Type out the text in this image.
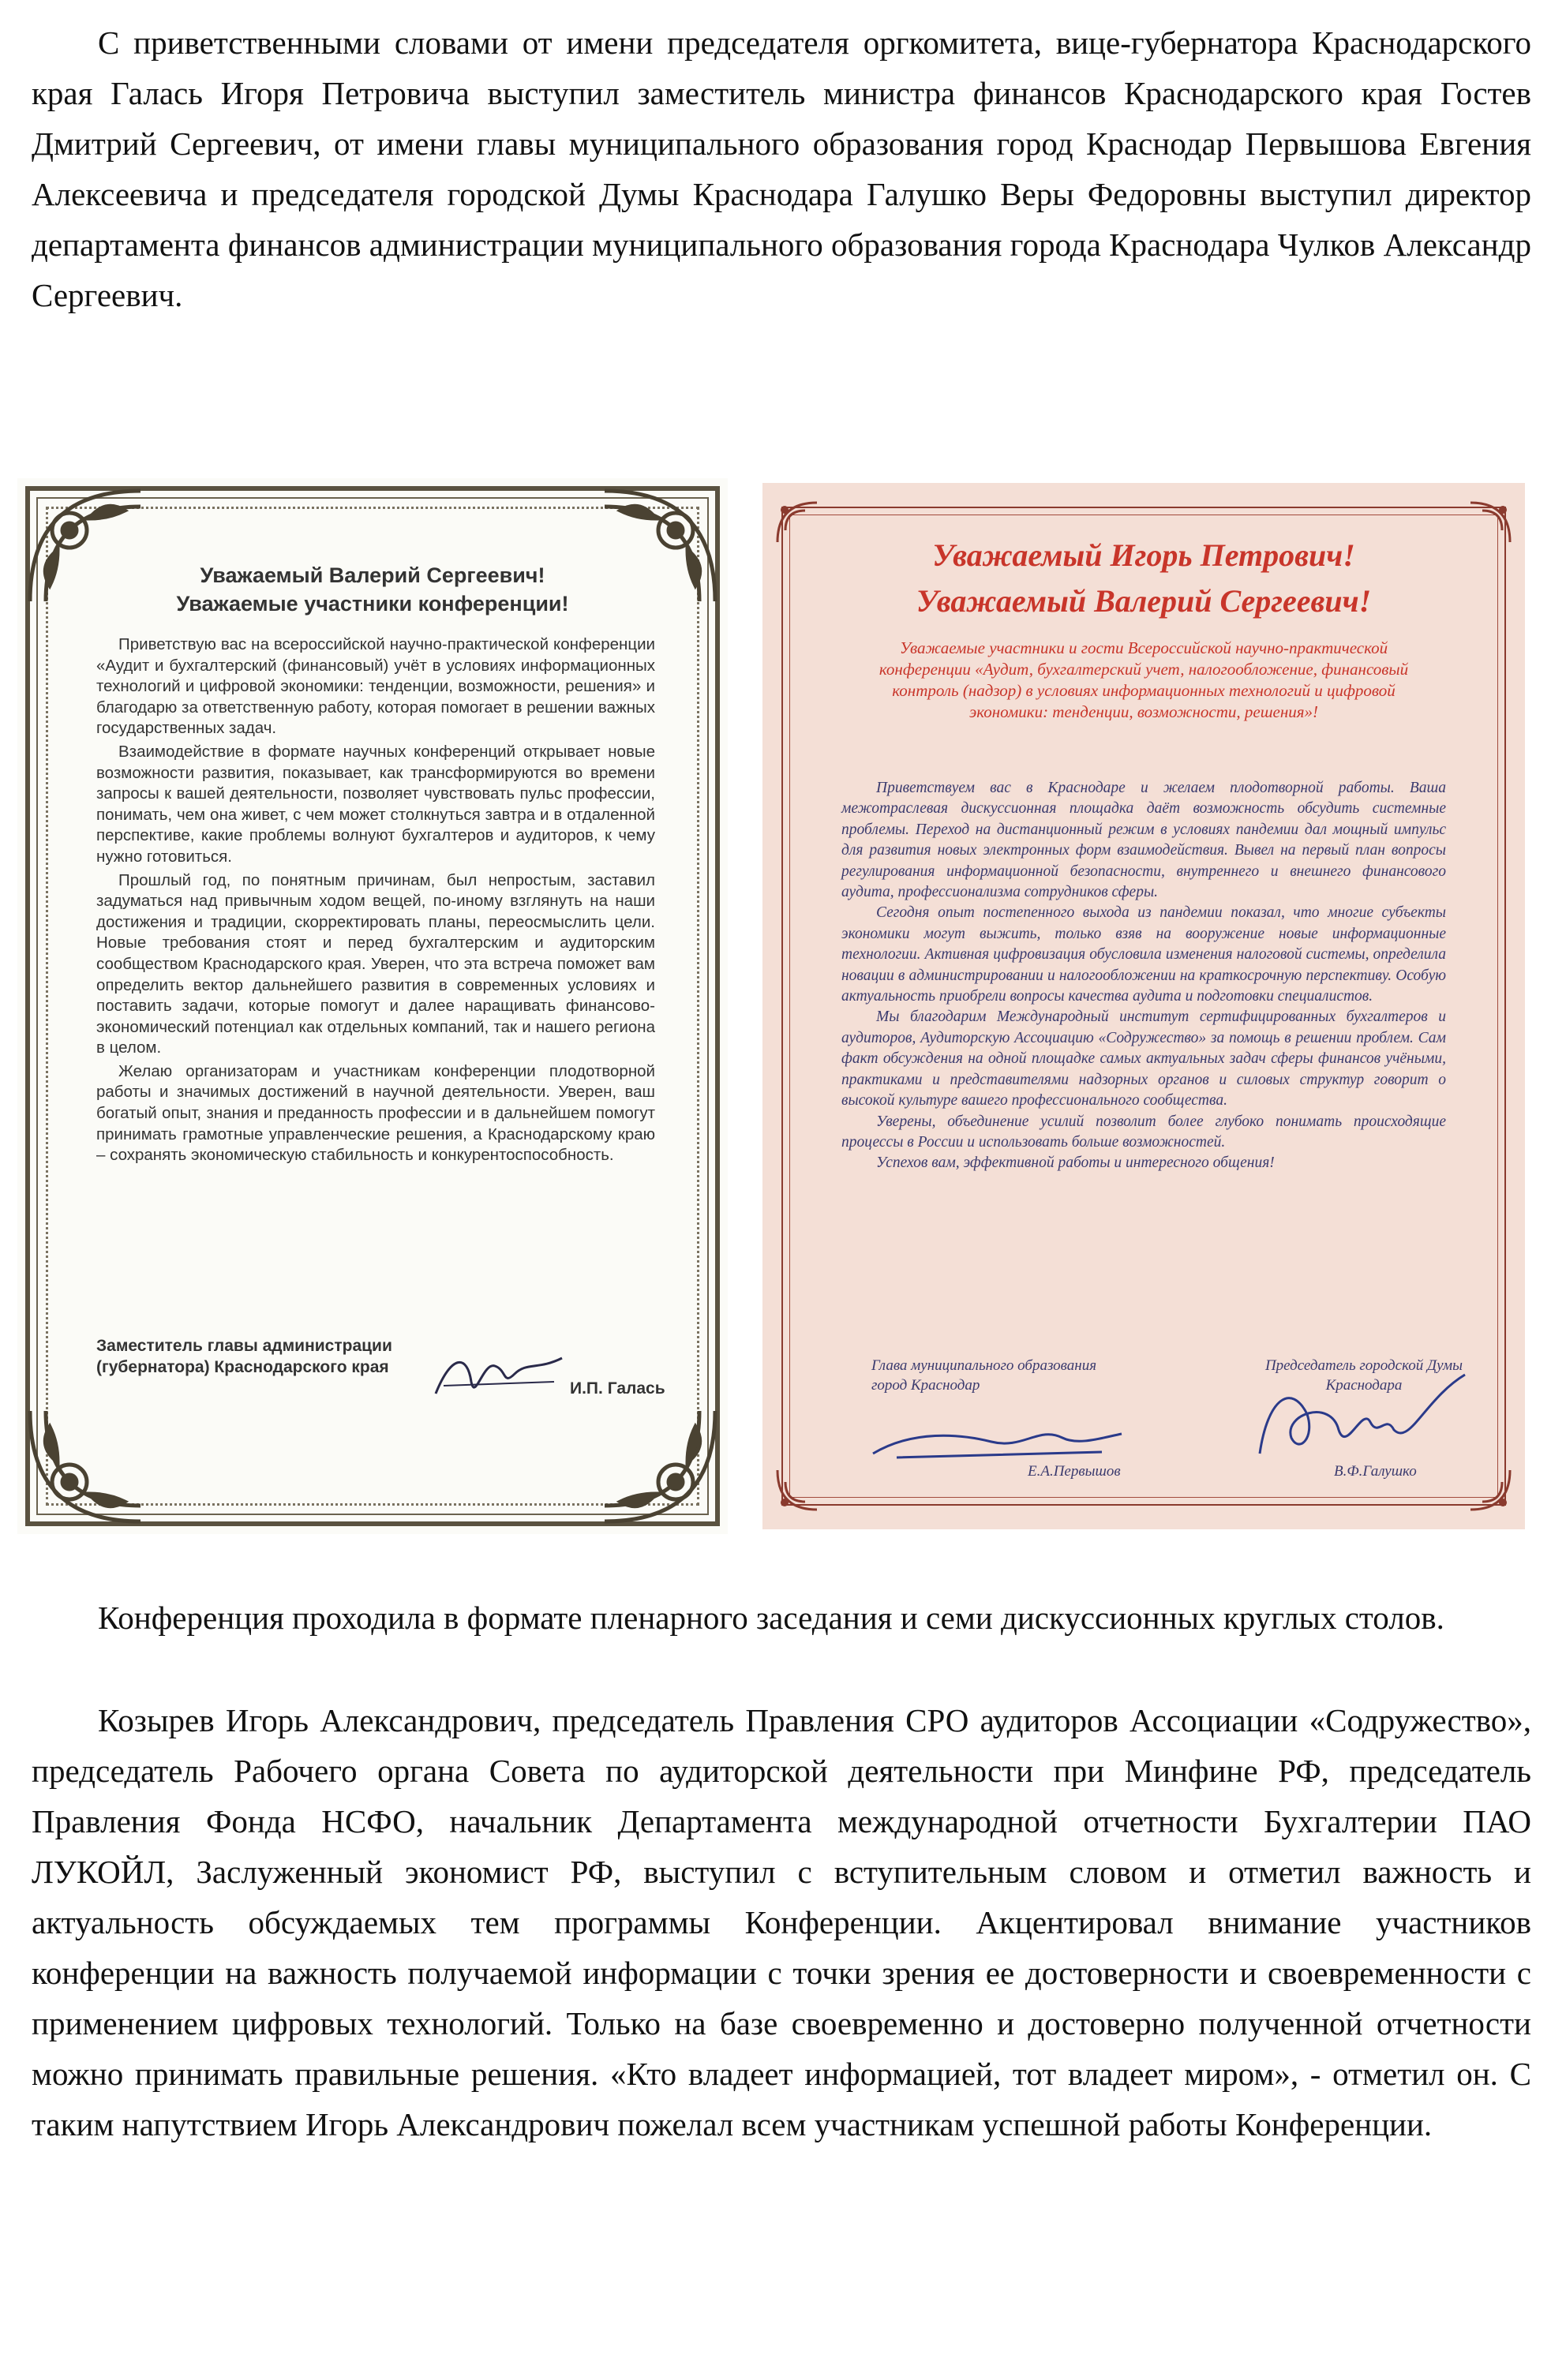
С приветственными словами от имени председателя оргкомитета, вице-губернатора Краснодарского края Галась Игоря Петровича выступил заместитель министра финансов Краснодарского края Гостев Дмитрий Сергеевич, от имени главы муниципального образования город Краснодар Первышова Евгения Алексеевича и председателя городской Думы Краснодара Галушко Веры Федоровны выступил директор департамента финансов администрации муниципального образования города Краснодара Чулков Александр Сергеевич.

Уважаемый Валерий Сергеевич!
Уважаемые участники конференции!

Приветствую вас на всероссийской научно-практической конференции «Аудит и бухгалтерский (финансовый) учёт в условиях информационных технологий и цифровой экономики: тенденции, возможности, решения» и благодарю за ответственную работу, которая помогает в решении важных государственных задач.

Взаимодействие в формате научных конференций открывает новые возможности развития, показывает, как трансформируются во времени запросы к вашей деятельности, позволяет чувствовать пульс профессии, понимать, чем она живет, с чем может столкнуться завтра и в отдаленной перспективе, какие проблемы волнуют бухгалтеров и аудиторов, к чему нужно готовиться.

Прошлый год, по понятным причинам, был непростым, заставил задуматься над привычным ходом вещей, по-иному взглянуть на наши достижения и традиции, скорректировать планы, переосмыслить цели. Новые требования стоят и перед бухгалтерским и аудиторским сообществом Краснодарского края. Уверен, что эта встреча поможет вам определить вектор дальнейшего развития в современных условиях и поставить задачи, которые помогут и далее наращивать финансово-экономический потенциал как отдельных компаний, так и нашего региона в целом.

Желаю организаторам и участникам конференции плодотворной работы и значимых достижений в научной деятельности. Уверен, ваш богатый опыт, знания и преданность профессии и в дальнейшем помогут принимать грамотные управленческие решения, а Краснодарскому краю – сохранять экономическую стабильность и конкурентоспособность.

Заместитель главы администрации (губернатора) Краснодарского края
И.П. Галась
Уважаемый Игорь Петрович!
Уважаемый Валерий Сергеевич!
Уважаемые участники и гости Всероссийской научно-практической конференции «Аудит, бухгалтерский учет, налогообложение, финансовый контроль (надзор) в условиях информационных технологий и цифровой экономики: тенденции, возможности, решения»!

Приветствуем вас в Краснодаре и желаем плодотворной работы. Ваша межотраслевая дискуссионная площадка даёт возможность обсудить системные проблемы. Переход на дистанционный режим в условиях пандемии дал мощный импульс для развития новых электронных форм взаимодействия. Вывел на первый план вопросы регулирования информационной безопасности, внутреннего и внешнего финансового аудита, профессионализма сотрудников сферы.

Сегодня опыт постепенного выхода из пандемии показал, что многие субъекты экономики могут выжить, только взяв на вооружение новые информационные технологии. Активная цифровизация обусловила изменения налоговой системы, определила новации в администрировании и налогообложении на краткосрочную перспективу. Особую актуальность приобрели вопросы качества аудита и подготовки специалистов.

Мы благодарим Международный институт сертифицированных бухгалтеров и аудиторов, Аудиторскую Ассоциацию «Содружество» за помощь в решении проблем. Сам факт обсуждения на одной площадке самых актуальных задач сферы финансов учёными, практиками и представителями надзорных органов и силовых структур говорит о высокой культуре вашего профессионального сообщества.

Уверены, объединение усилий позволит более глубоко понимать происходящие процессы в России и использовать больше возможностей.

Успехов вам, эффективной работы и интересного общения!

Глава муниципального образования город Краснодар
Председатель городской Думы Краснодара
Е.А.Первышов	В.Ф.Галушко

Конференция проходила в формате пленарного заседания и семи дискуссионных круглых столов.

Козырев Игорь Александрович, председатель Правления СРО аудиторов Ассоциации «Содружество», председатель Рабочего органа Совета по аудиторской деятельности при Минфине РФ, председатель Правления Фонда НСФО, начальник Департамента международной отчетности Бухгалтерии ПАО ЛУКОЙЛ, Заслуженный экономист РФ, выступил с вступительным словом и отметил важность и актуальность обсуждаемых тем программы Конференции. Акцентировал внимание участников конференции на важность получаемой информации с точки зрения ее достоверности и своевременности с применением цифровых технологий. Только на базе своевременно и достоверно полученной отчетности можно принимать правильные решения. «Кто владеет информацией, тот владеет миром», - отметил он. С таким напутствием Игорь Александрович пожелал всем участникам успешной работы Конференции.
